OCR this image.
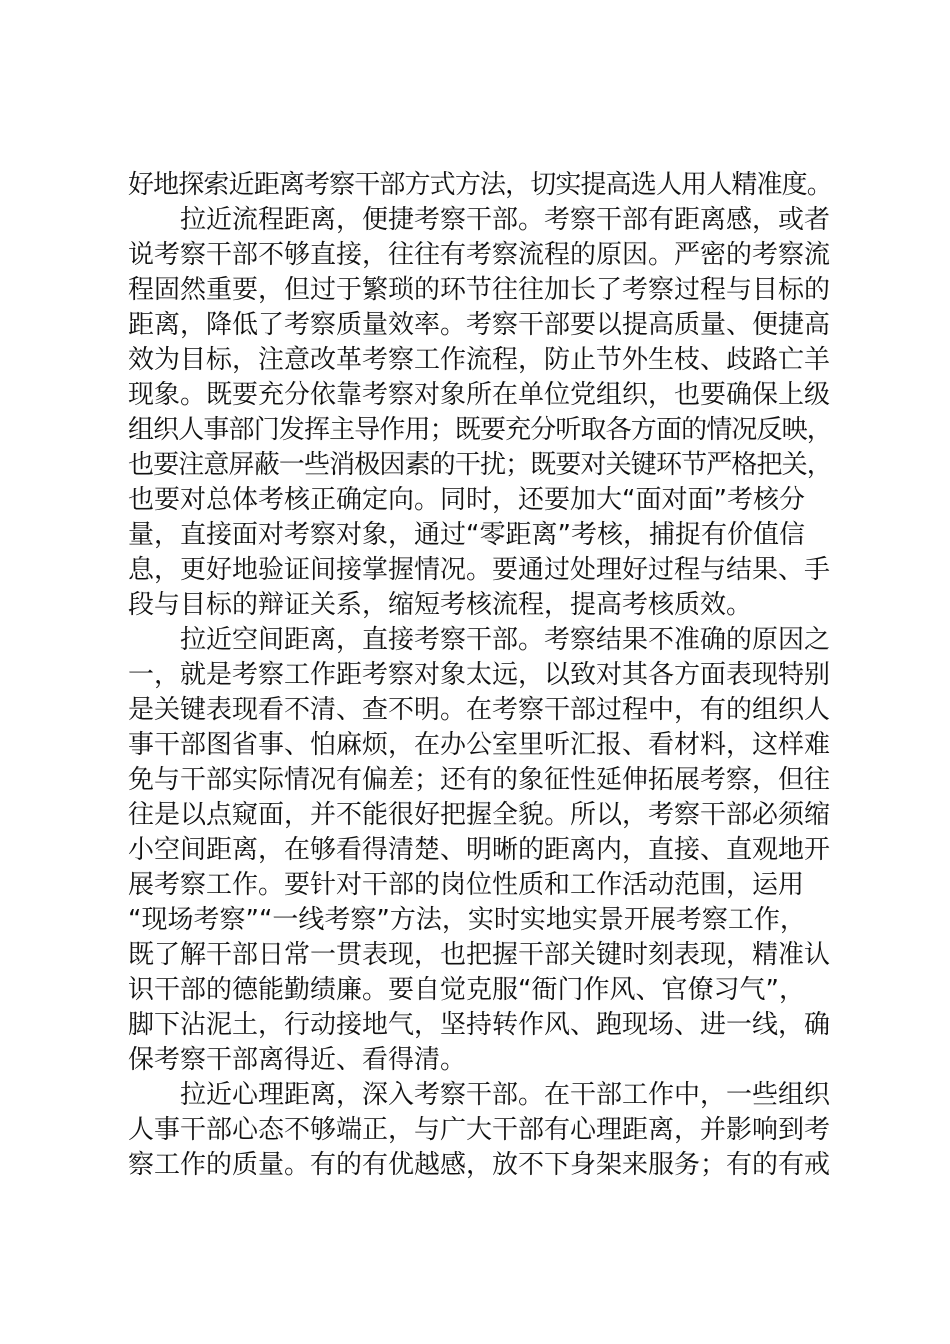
好地探索近距离考察干部方式方法，切实提高选人用人精准度。
　　拉近流程距离，便捷考察干部。考察干部有距离感，或者
说考察干部不够直接，往往有考察流程的原因。严密的考察流
程固然重要，但过于繁琐的环节往往加长了考察过程与目标的
距离，降低了考察质量效率。考察干部要以提高质量、便捷高
效为目标，注意改革考察工作流程，防止节外生枝、歧路亡羊
现象。既要充分依靠考察对象所在单位党组织，也要确保上级
组织人事部门发挥主导作用；既要充分听取各方面的情况反映，
也要注意屏蔽一些消极因素的干扰；既要对关键环节严格把关，
也要对总体考核正确定向。同时，还要加大“面对面”考核分
量，直接面对考察对象，通过“零距离”考核，捕捉有价值信
息，更好地验证间接掌握情况。要通过处理好过程与结果、手
段与目标的辩证关系，缩短考核流程，提高考核质效。
　　拉近空间距离，直接考察干部。考察结果不准确的原因之
一，就是考察工作距考察对象太远，以致对其各方面表现特别
是关键表现看不清、查不明。在考察干部过程中，有的组织人
事干部图省事、怕麻烦，在办公室里听汇报、看材料，这样难
免与干部实际情况有偏差；还有的象征性延伸拓展考察，但往
往是以点窥面，并不能很好把握全貌。所以，考察干部必须缩
小空间距离，在够看得清楚、明晰的距离内，直接、直观地开
展考察工作。要针对干部的岗位性质和工作活动范围，运用
“现场考察”“一线考察”方法，实时实地实景开展考察工作，
既了解干部日常一贯表现，也把握干部关键时刻表现，精准认
识干部的德能勤绩廉。要自觉克服“衙门作风、官僚习气”，
脚下沾泥土，行动接地气，坚持转作风、跑现场、进一线，确
保考察干部离得近、看得清。
　　拉近心理距离，深入考察干部。在干部工作中，一些组织
人事干部心态不够端正，与广大干部有心理距离，并影响到考
察工作的质量。有的有优越感，放不下身架来服务；有的有戒
